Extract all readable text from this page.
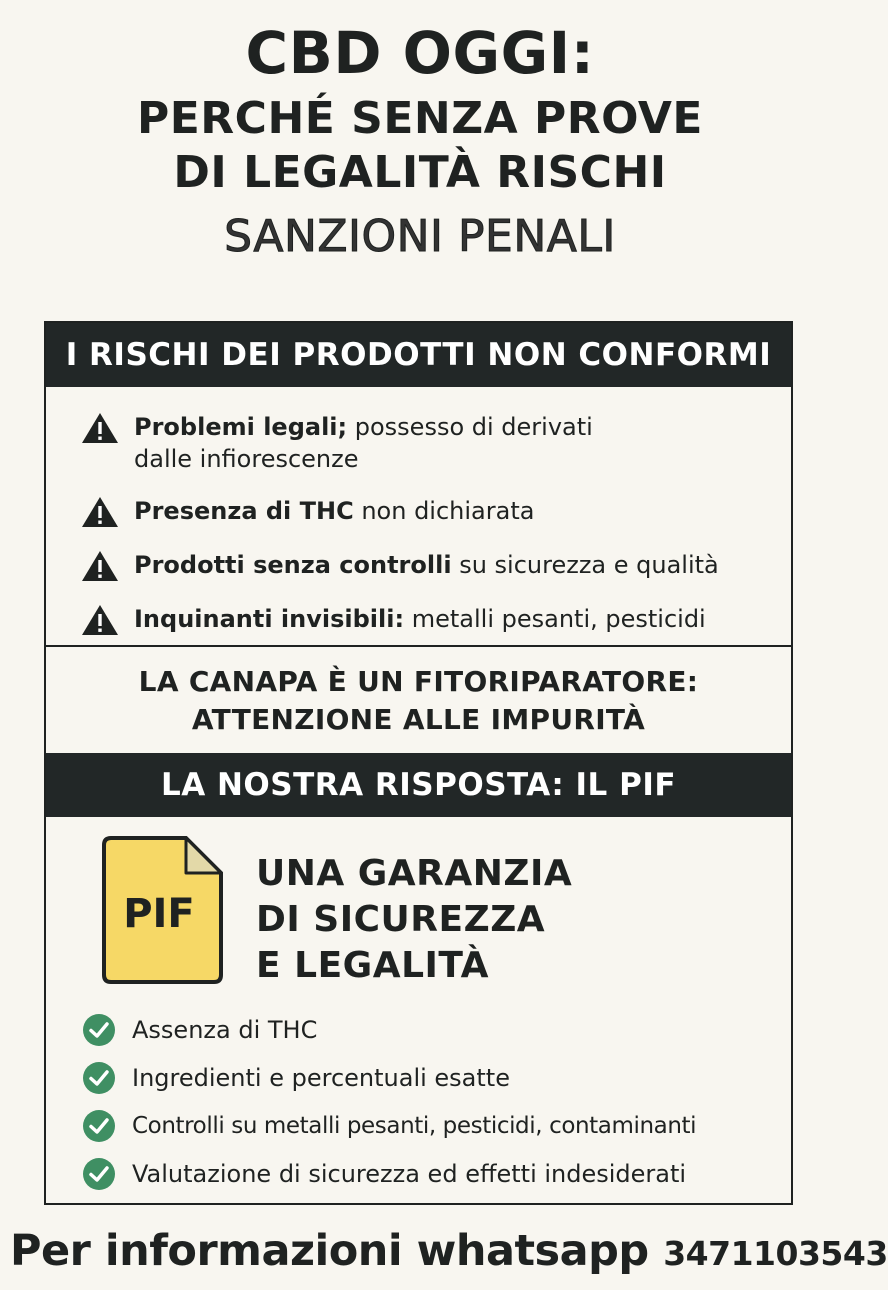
CBD OGGI:
PERCHÉ SENZA PROVE
DI LEGALITÀ RISCHI
SANZIONI PENALI
I RISCHI DEI PRODOTTI NON CONFORMI
Problemi legali; possesso di derivati
dalle infiorescenze
Presenza di THC non dichiarata
Prodotti senza controlli su sicurezza e qualità
Inquinanti invisibili: metalli pesanti, pesticidi
LA CANAPA È UN FITORIPARATORE:
ATTENZIONE ALLE IMPURITÀ
LA NOSTRA RISPOSTA: IL PIF
PIF
UNA GARANZIA
DI SICUREZZA
E LEGALITÀ
Assenza di THC
Ingredienti e percentuali esatte
Controlli su metalli pesanti, pesticidi, contaminanti
Valutazione di sicurezza ed effetti indesiderati
Per informazioni whatsapp 3471103543
